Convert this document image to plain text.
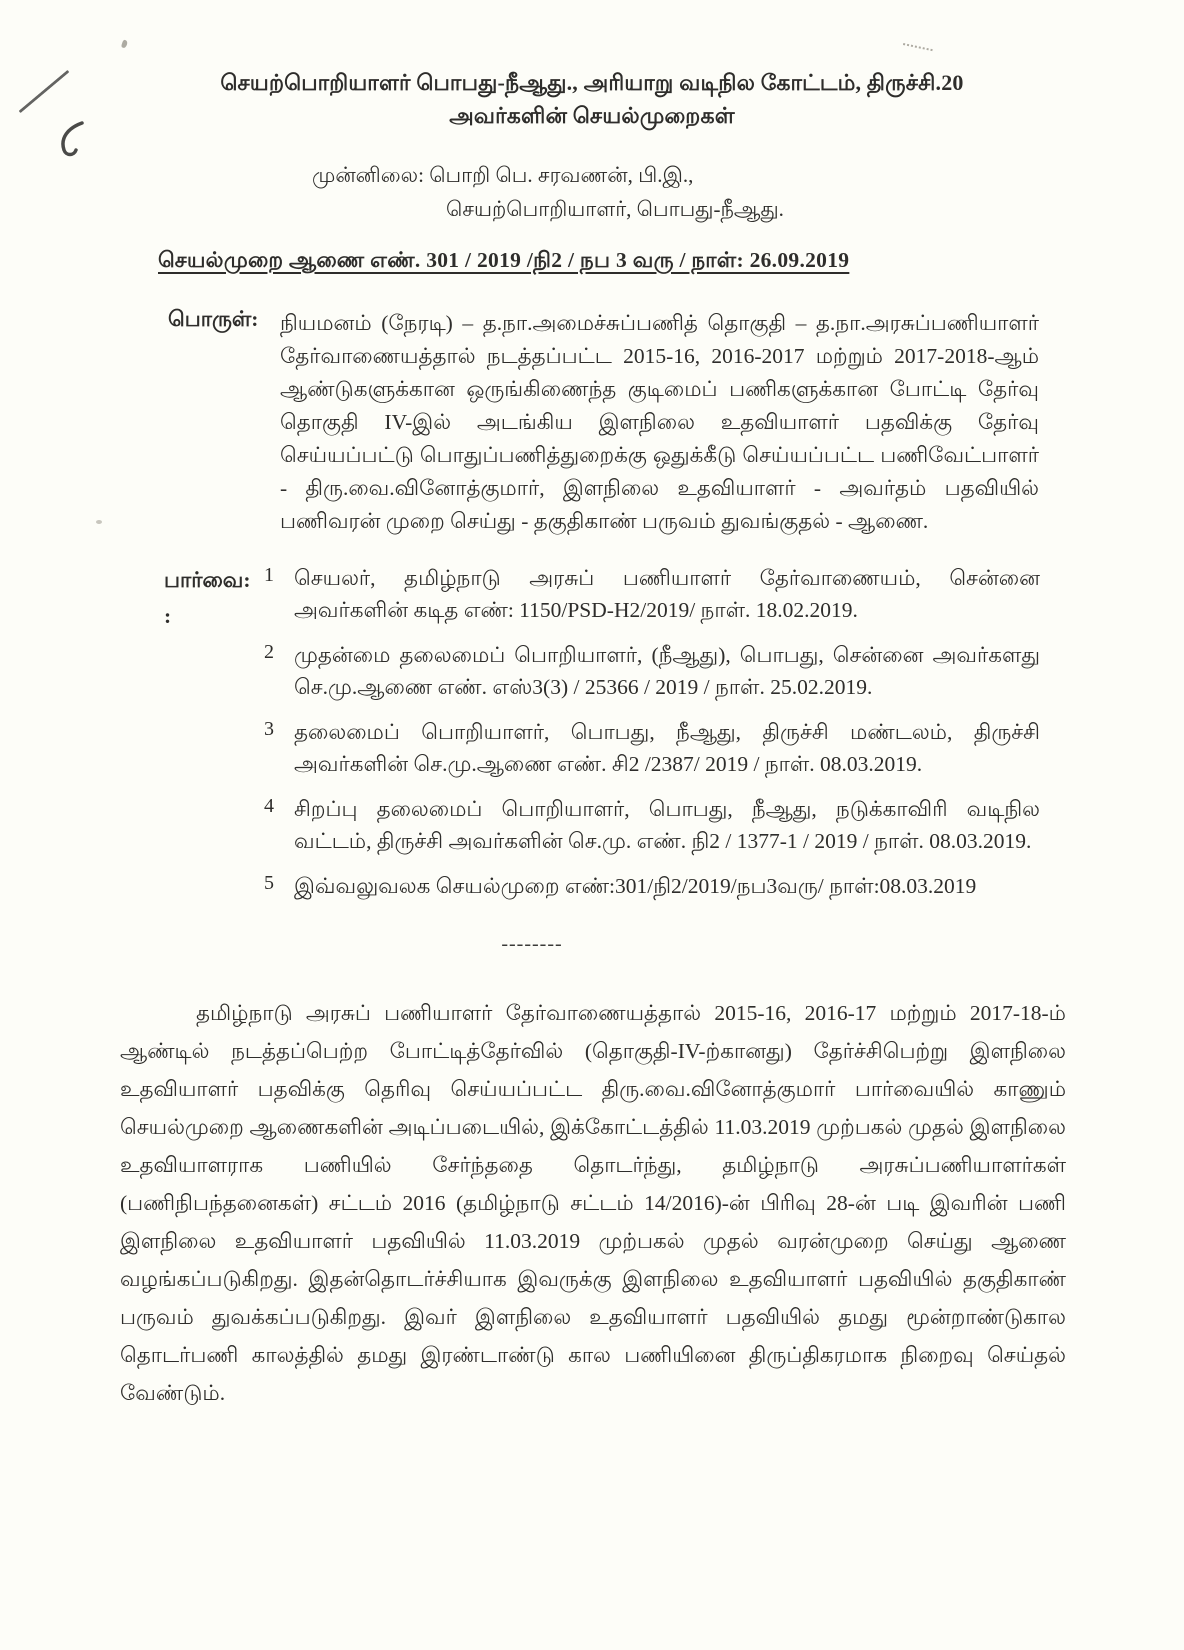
செயற்பொறியாளர் பொபது-நீஆது., அரியாறு வடிநில கோட்டம், திருச்சி.20
அவர்களின் செயல்முறைகள்
முன்னிலை: பொறி பெ. சரவணன், பி.இ.,
செயற்பொறியாளர், பொபது-நீஆது.
செயல்முறை ஆணை எண். 301 / 2019 /நி2 / நப 3 வரு / நாள்: 26.09.2019
பொருள்:	நியமனம் (நேரடி) – த.நா.அமைச்சுப்பணித் தொகுதி – த.நா.அரசுப்பணியாளர் தேர்வாணையத்தால் நடத்தப்பட்ட 2015-16, 2016-2017 மற்றும் 2017-2018-ஆம் ஆண்டுகளுக்கான ஒருங்கிணைந்த குடிமைப் பணிகளுக்கான போட்டி தேர்வு தொகுதி IV-இல் அடங்கிய இளநிலை உதவியாளர் பதவிக்கு தேர்வு செய்யப்பட்டு பொதுப்பணித்துறைக்கு ஒதுக்கீடு செய்யப்பட்ட பணிவேட்பாளர் - திரு.வை.வினோத்குமார், இளநிலை உதவியாளர் - அவர்தம் பதவியில் பணிவரன் முறை செய்து - தகுதிகாண் பருவம் துவங்குதல் - ஆணை.
பார்வை:
:
1 செயலர், தமிழ்நாடு அரசுப் பணியாளர் தேர்வாணையம், சென்னை அவர்களின் கடித எண்: 1150/PSD-H2/2019/ நாள். 18.02.2019.
2 முதன்மை தலைமைப் பொறியாளர், (நீஆது), பொபது, சென்னை அவர்களது செ.மு.ஆணை எண். எஸ்3(3) / 25366 / 2019 / நாள். 25.02.2019.
3 தலைமைப் பொறியாளர், பொபது, நீஆது, திருச்சி மண்டலம், திருச்சி அவர்களின் செ.மு.ஆணை எண். சி2 /2387/ 2019 / நாள். 08.03.2019.
4 சிறப்பு தலைமைப் பொறியாளர், பொபது, நீஆது, நடுக்காவிரி வடிநில வட்டம், திருச்சி அவர்களின் செ.மு. எண். நி2 / 1377-1 / 2019 / நாள். 08.03.2019.
5 இவ்வலுவலக செயல்முறை எண்:301/நி2/2019/நப3வரு/ நாள்:08.03.2019
--------
தமிழ்நாடு அரசுப் பணியாளர் தேர்வாணையத்தால் 2015-16, 2016-17 மற்றும் 2017-18-ம் ஆண்டில் நடத்தப்பெற்ற போட்டித்தேர்வில் (தொகுதி-IV-ற்கானது) தேர்ச்சிபெற்று இளநிலை உதவியாளர் பதவிக்கு தெரிவு செய்யப்பட்ட திரு.வை.வினோத்குமார் பார்வையில் காணும் செயல்முறை ஆணைகளின் அடிப்படையில், இக்கோட்டத்தில் 11.03.2019 முற்பகல் முதல் இளநிலை உதவியாளராக பணியில் சேர்ந்ததை தொடர்ந்து, தமிழ்நாடு அரசுப்பணியாளர்கள் (பணிநிபந்தனைகள்) சட்டம் 2016 (தமிழ்நாடு சட்டம் 14/2016)-ன் பிரிவு 28-ன் படி இவரின் பணி இளநிலை உதவியாளர் பதவியில் 11.03.2019 முற்பகல் முதல் வரன்முறை செய்து ஆணை வழங்கப்படுகிறது. இதன்தொடர்ச்சியாக இவருக்கு இளநிலை உதவியாளர் பதவியில் தகுதிகாண் பருவம் துவக்கப்படுகிறது. இவர் இளநிலை உதவியாளர் பதவியில் தமது மூன்றாண்டுகால தொடர்பணி காலத்தில் தமது இரண்டாண்டு கால பணியினை திருப்திகரமாக நிறைவு செய்தல் வேண்டும்.
